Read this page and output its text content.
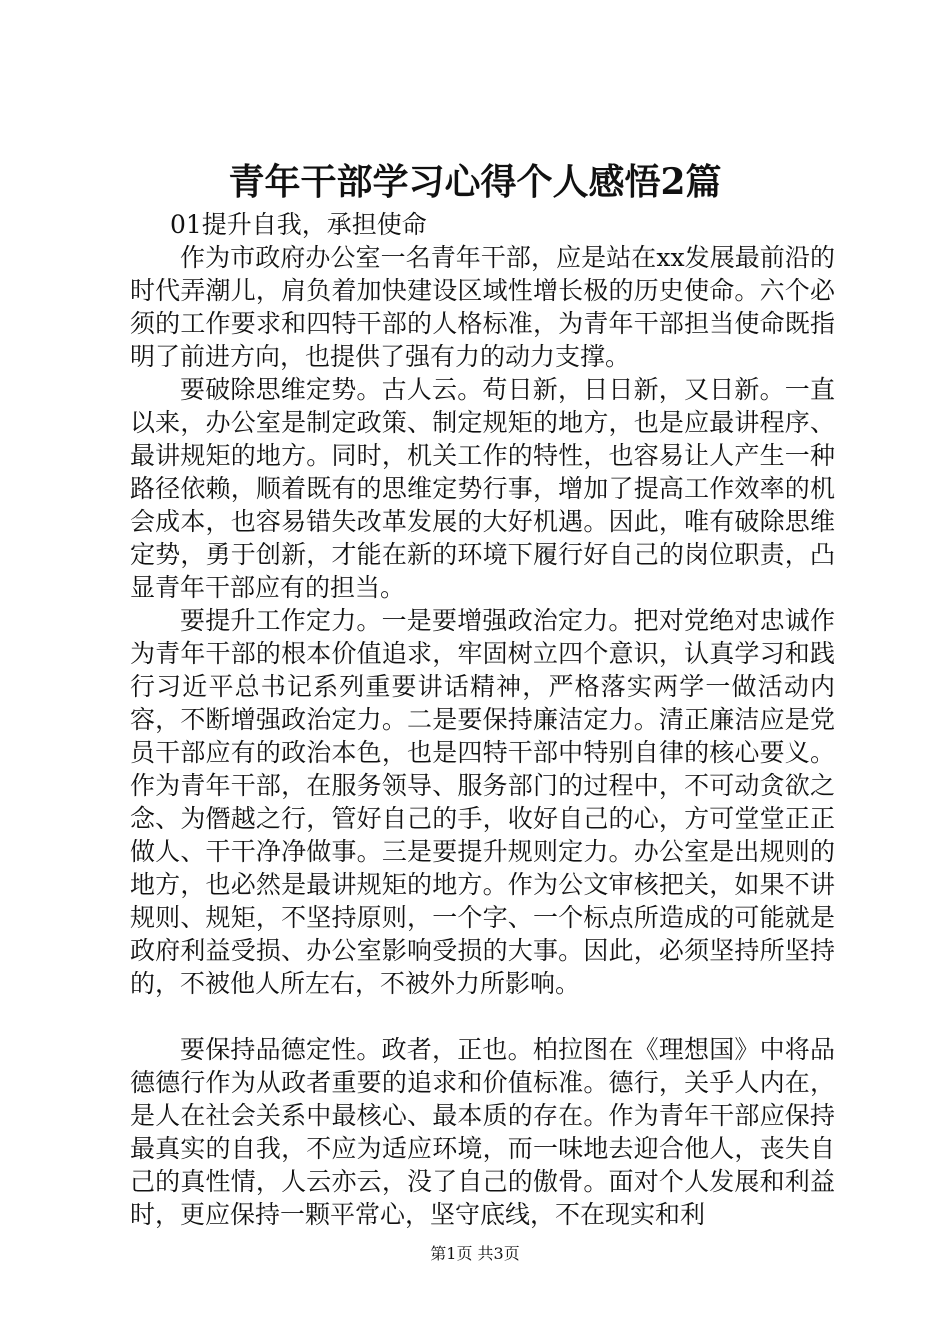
青年干部学习心得个人感悟2篇

01提升自我，承担使命

作为市政府办公室一名青年干部，应是站在xx发展最前沿的时代弄潮儿，肩负着加快建设区域性增长极的历史使命。六个必须的工作要求和四特干部的人格标准，为青年干部担当使命既指明了前进方向，也提供了强有力的动力支撑。

要破除思维定势。古人云。苟日新，日日新，又日新。一直以来，办公室是制定政策、制定规矩的地方，也是应最讲程序、最讲规矩的地方。同时，机关工作的特性，也容易让人产生一种路径依赖，顺着既有的思维定势行事，增加了提高工作效率的机会成本，也容易错失改革发展的大好机遇。因此，唯有破除思维定势，勇于创新，才能在新的环境下履行好自己的岗位职责，凸显青年干部应有的担当。

要提升工作定力。一是要增强政治定力。把对党绝对忠诚作为青年干部的根本价值追求，牢固树立四个意识，认真学习和践行习近平总书记系列重要讲话精神，严格落实两学一做活动内容，不断增强政治定力。二是要保持廉洁定力。清正廉洁应是党员干部应有的政治本色，也是四特干部中特别自律的核心要义。作为青年干部，在服务领导、服务部门的过程中，不可动贪欲之念、为僭越之行，管好自己的手，收好自己的心，方可堂堂正正做人、干干净净做事。三是要提升规则定力。办公室是出规则的地方，也必然是最讲规矩的地方。作为公文审核把关，如果不讲规则、规矩，不坚持原则，一个字、一个标点所造成的可能就是政府利益受损、办公室影响受损的大事。因此，必须坚持所坚持的，不被他人所左右，不被外力所影响。

要保持品德定性。政者，正也。柏拉图在《理想国》中将品德德行作为从政者重要的追求和价值标准。德行，关乎人内在，是人在社会关系中最核心、最本质的存在。作为青年干部应保持最真实的自我，不应为适应环境，而一味地去迎合他人，丧失自己的真性情，人云亦云，没了自己的傲骨。面对个人发展和利益时，更应保持一颗平常心，坚守底线，不在现实和利

第1页 共3页
